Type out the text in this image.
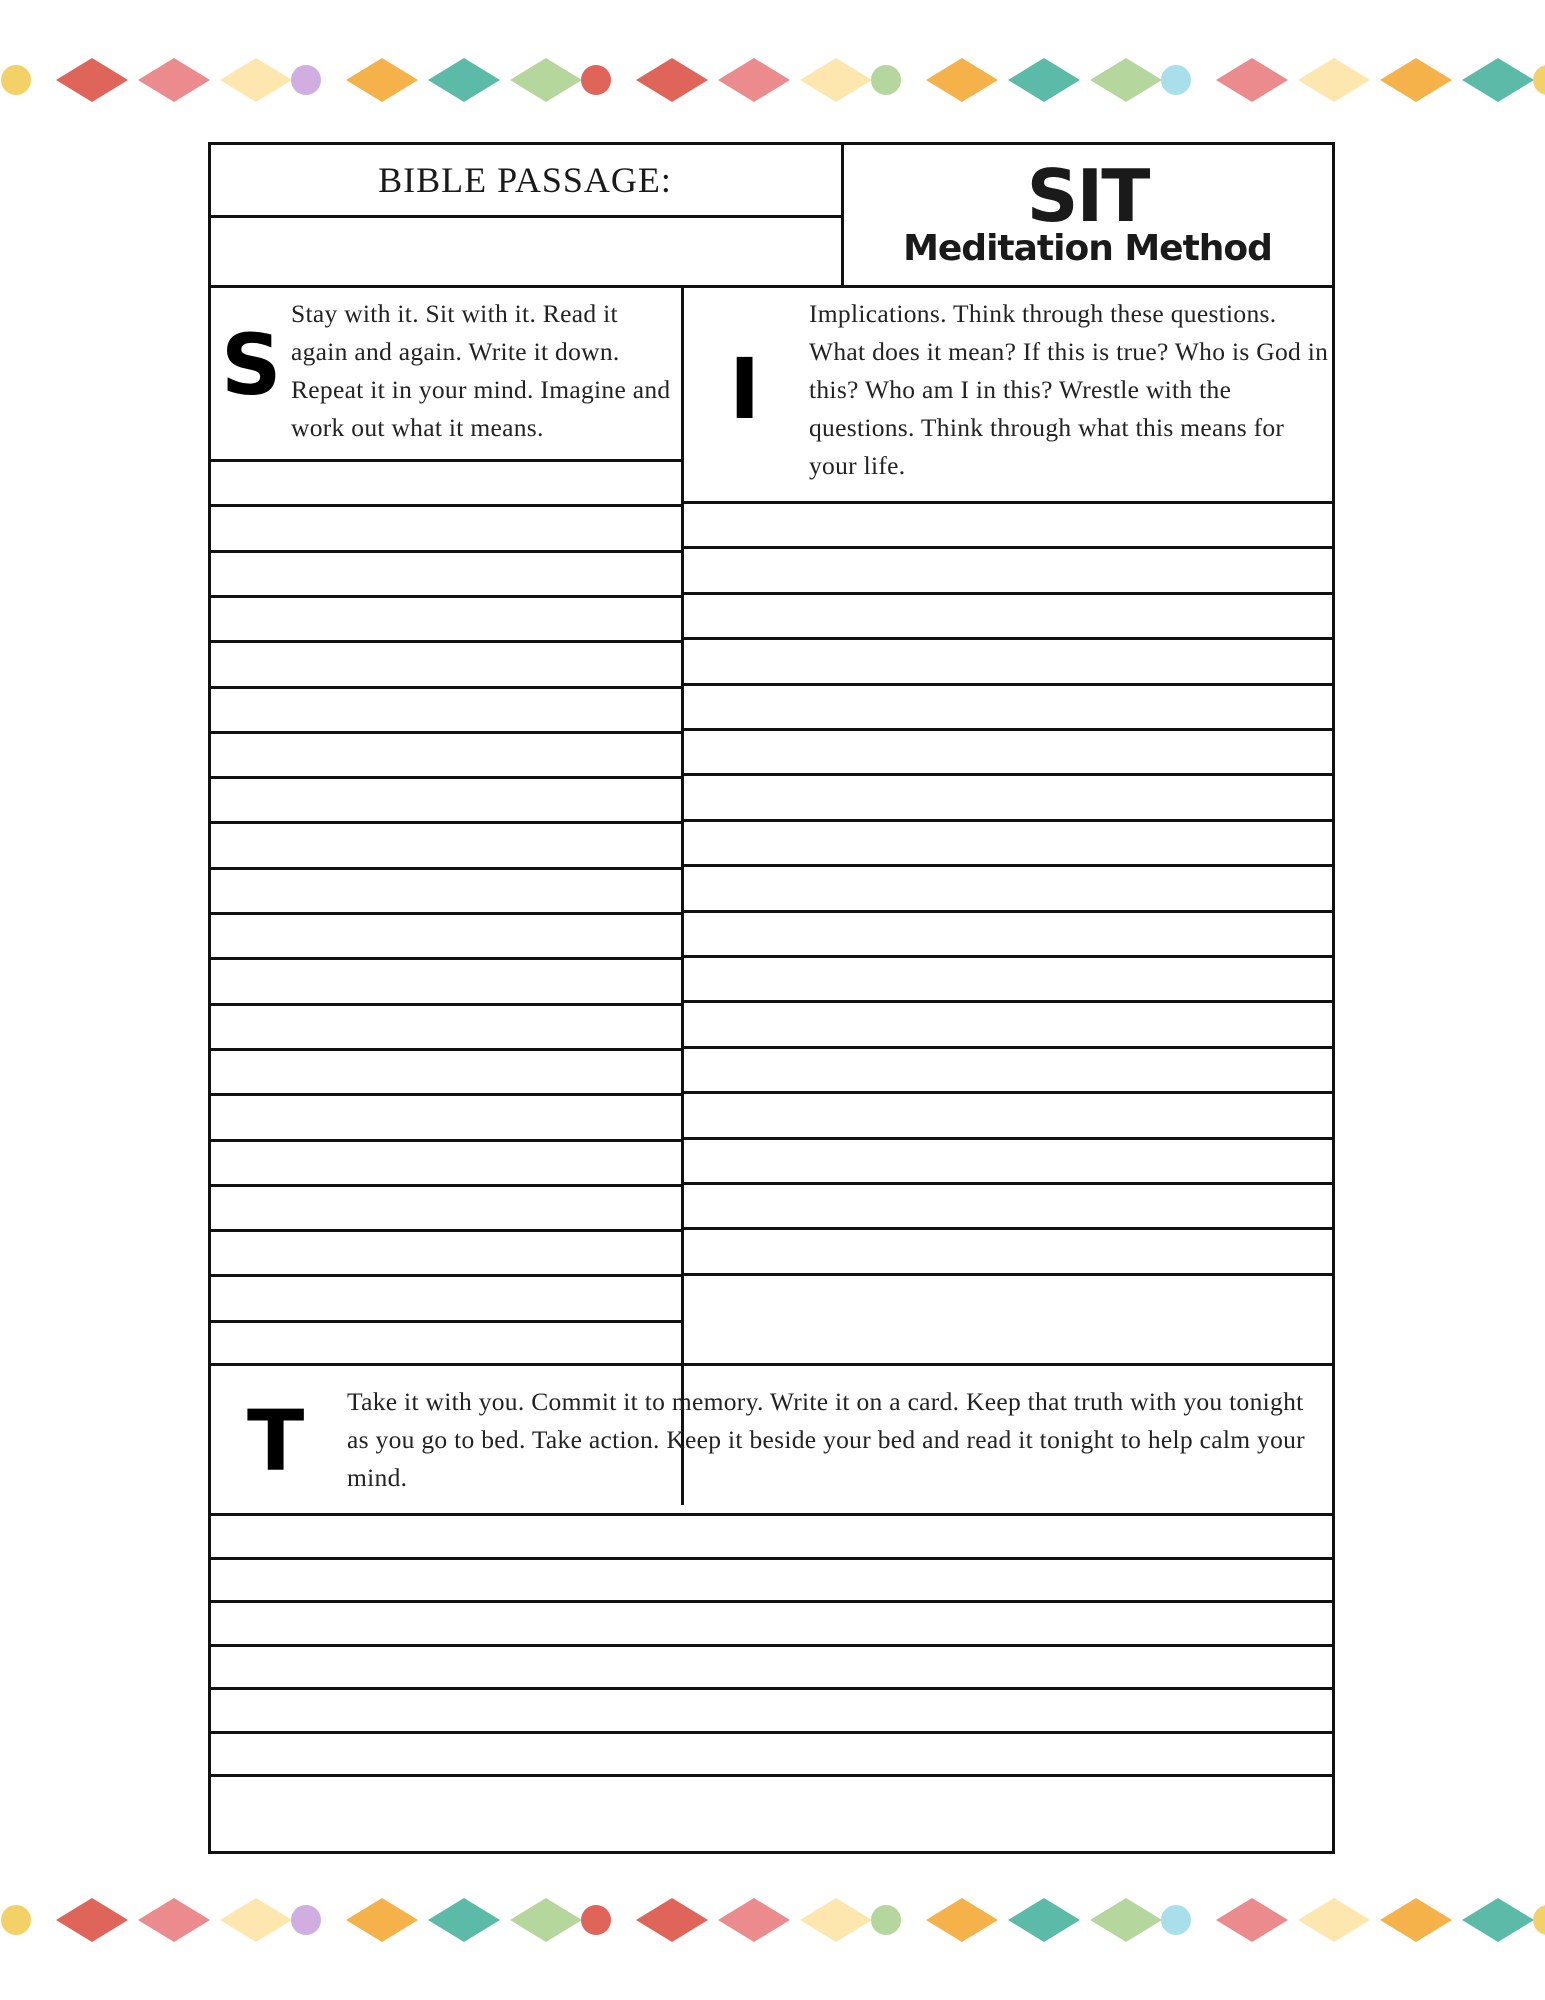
BIBLE PASSAGE:	SIT
Meditation Method
S
Stay with it. Sit with it. Read it again and again. Write it down. Repeat it in your mind. Imagine and work out what it means.	I
Implications. Think through these questions. What does it mean? If this is true? Who is God in this? Who am I in this? Wrestle with the questions. Think through what this means for your life.
T Take it with you. Commit it to memory. Write it on a card. Keep that truth with you tonight as you go to bed. Take action. Keep it beside your bed and read it tonight to help calm your mind.
